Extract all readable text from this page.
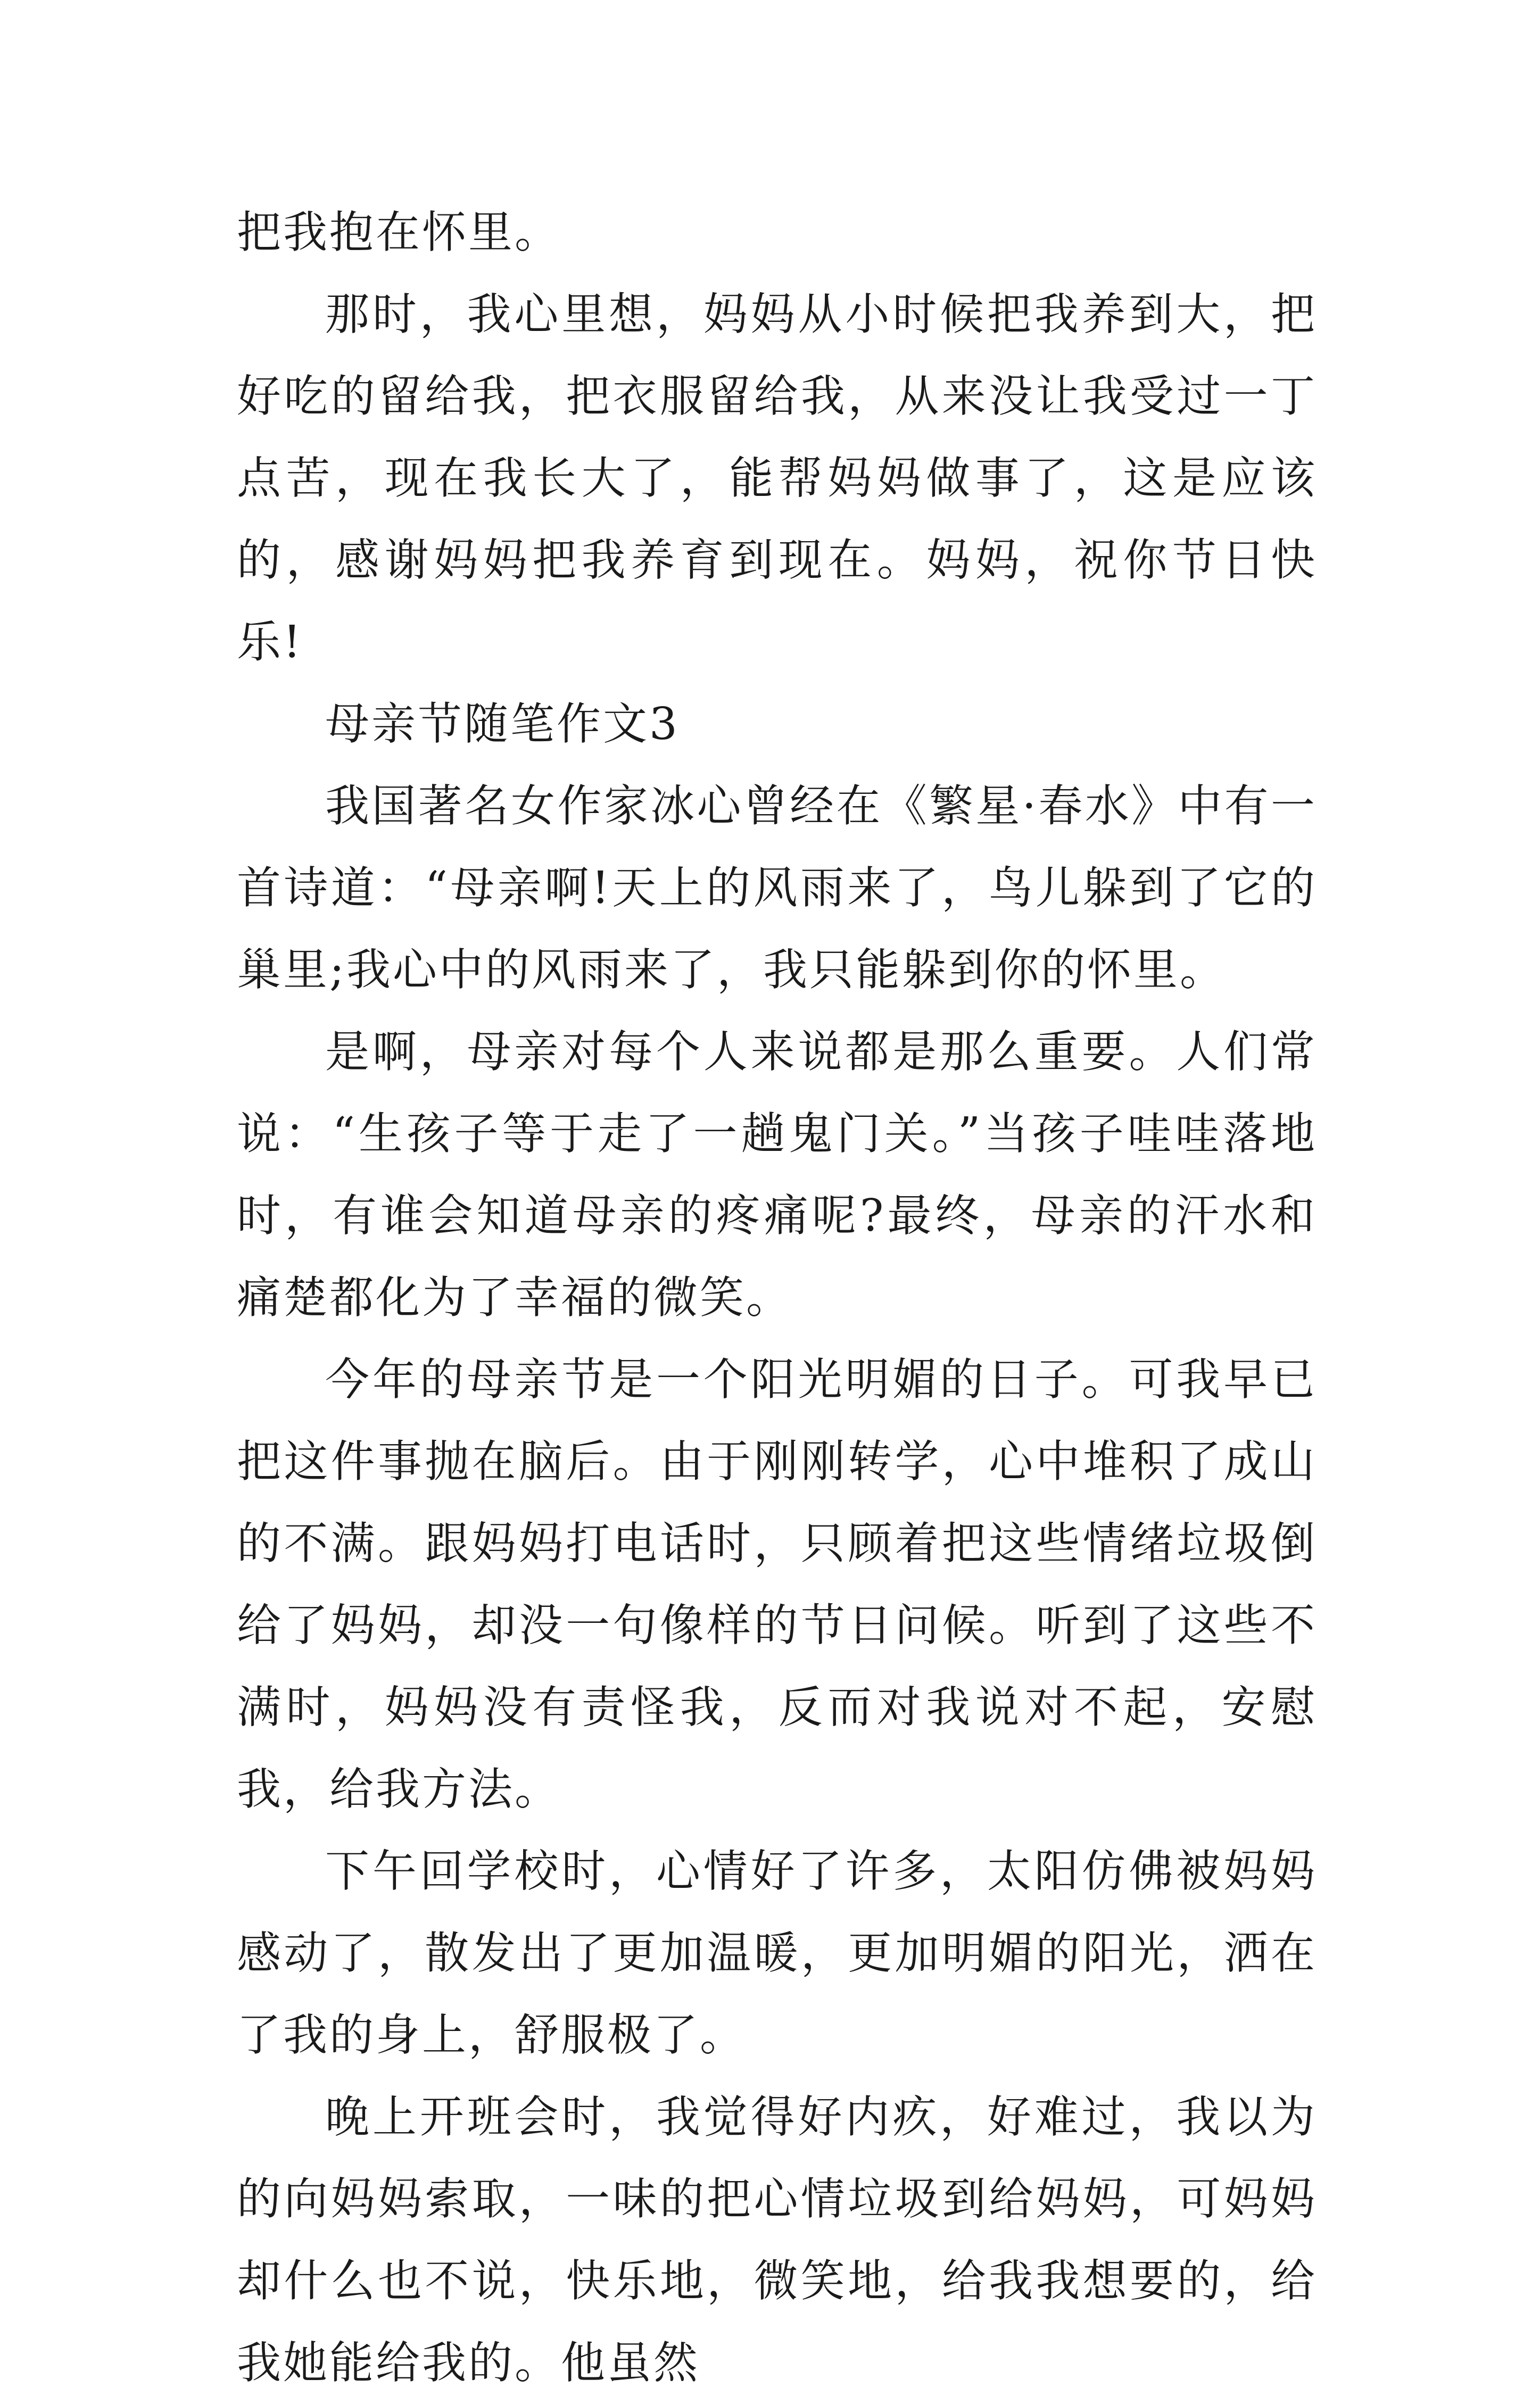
把我抱在怀里。

那时，我心里想，妈妈从小时候把我养到大，把好吃的留给我，把衣服留给我，从来没让我受过一丁点苦，现在我长大了，能帮妈妈做事了，这是应该的，感谢妈妈把我养育到现在。妈妈，祝你节日快乐!

母亲节随笔作文3

我国著名女作家冰心曾经在《繁星·春水》中有一首诗道：“母亲啊!天上的风雨来了，鸟儿躲到了它的巢里;我心中的风雨来了，我只能躲到你的怀里。

是啊，母亲对每个人来说都是那么重要。人们常说：“生孩子等于走了一趟鬼门关。”当孩子哇哇落地时，有谁会知道母亲的疼痛呢?最终，母亲的汗水和痛楚都化为了幸福的微笑。

今年的母亲节是一个阳光明媚的日子。可我早已把这件事抛在脑后。由于刚刚转学，心中堆积了成山的不满。跟妈妈打电话时，只顾着把这些情绪垃圾倒给了妈妈，却没一句像样的节日问候。听到了这些不满时，妈妈没有责怪我，反而对我说对不起，安慰我，给我方法。

下午回学校时，心情好了许多，太阳仿佛被妈妈感动了，散发出了更加温暖，更加明媚的阳光，洒在了我的身上，舒服极了。

晚上开班会时，我觉得好内疚，好难过，我以为的向妈妈索取，一味的把心情垃圾到给妈妈，可妈妈却什么也不说，快乐地，微笑地，给我我想要的，给我她能给我的。他虽然
